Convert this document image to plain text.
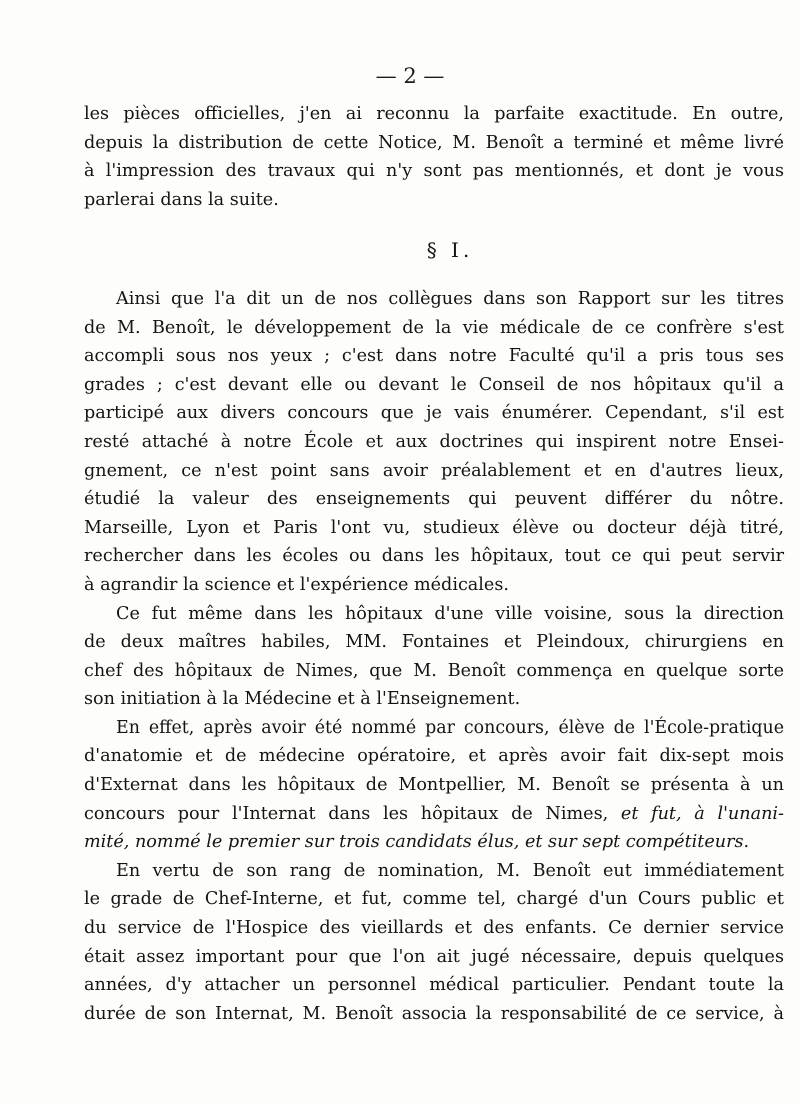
— 2 —

les pièces officielles, j'en ai reconnu la parfaite exactitude. En outre,
depuis la distribution de cette Notice, M. Benoît a terminé et même livré
à l'impression des travaux qui n'y sont pas mentionnés, et dont je vous
parlerai dans la suite.

§ I.

Ainsi que l'a dit un de nos collègues dans son Rapport sur les titres
de M. Benoît, le développement de la vie médicale de ce confrère s'est
accompli sous nos yeux ; c'est dans notre Faculté qu'il a pris tous ses
grades ; c'est devant elle ou devant le Conseil de nos hôpitaux qu'il a
participé aux divers concours que je vais énumérer. Cependant, s'il est
resté attaché à notre École et aux doctrines qui inspirent notre Ensei-
gnement, ce n'est point sans avoir préalablement et en d'autres lieux,
étudié la valeur des enseignements qui peuvent différer du nôtre.
Marseille, Lyon et Paris l'ont vu, studieux élève ou docteur déjà titré,
rechercher dans les écoles ou dans les hôpitaux, tout ce qui peut servir
à agrandir la science et l'expérience médicales.

Ce fut même dans les hôpitaux d'une ville voisine, sous la direction
de deux maîtres habiles, MM. Fontaines et Pleindoux, chirurgiens en
chef des hôpitaux de Nimes, que M. Benoît commença en quelque sorte
son initiation à la Médecine et à l'Enseignement.

En effet, après avoir été nommé par concours, élève de l'École-pratique
d'anatomie et de médecine opératoire, et après avoir fait dix-sept mois
d'Externat dans les hôpitaux de Montpellier, M. Benoît se présenta à un
concours pour l'Internat dans les hôpitaux de Nimes, et fut, à l'unani-
mité, nommé le premier sur trois candidats élus, et sur sept compétiteurs.

En vertu de son rang de nomination, M. Benoît eut immédiatement
le grade de Chef-Interne, et fut, comme tel, chargé d'un Cours public et
du service de l'Hospice des vieillards et des enfants. Ce dernier service
était assez important pour que l'on ait jugé nécessaire, depuis quelques
années, d'y attacher un personnel médical particulier. Pendant toute la
durée de son Internat, M. Benoît associa la responsabilité de ce service, à
